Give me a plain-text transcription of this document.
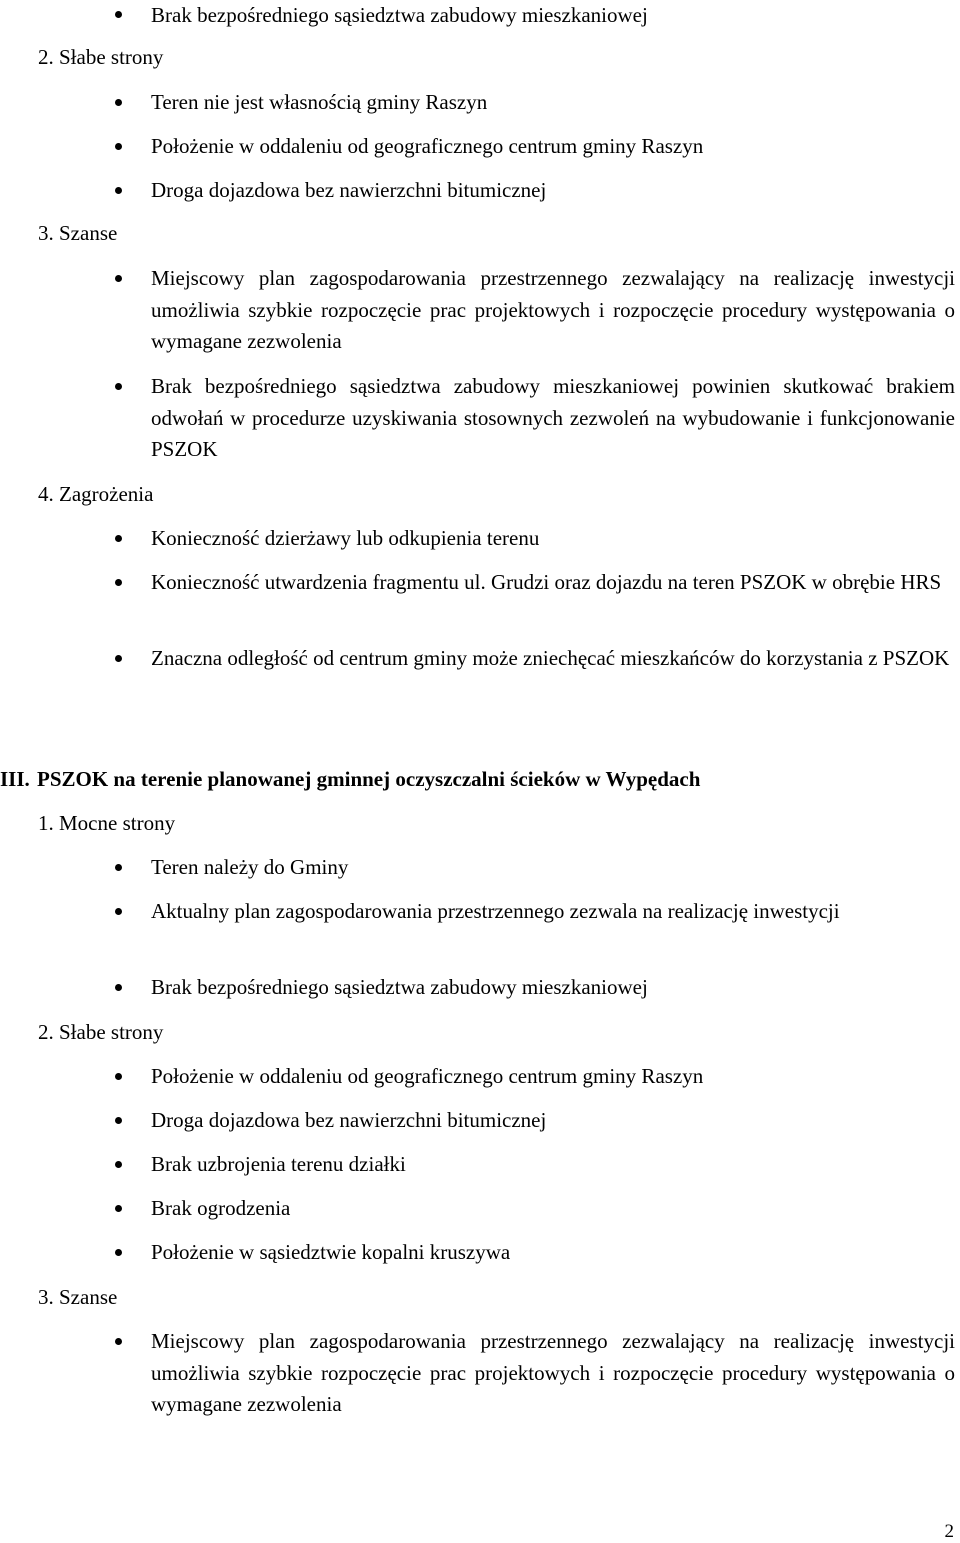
Brak bezpośredniego sąsiedztwa zabudowy mieszkaniowej
2. Słabe strony
Teren nie jest własnością gminy Raszyn
Położenie w oddaleniu od geograficznego centrum gminy Raszyn
Droga dojazdowa bez nawierzchni bitumicznej
3. Szanse
Miejscowy plan zagospodarowania przestrzennego zezwalający na realizację inwestycji umożliwia szybkie rozpoczęcie prac projektowych i rozpoczęcie procedury występowania o wymagane zezwolenia
Brak bezpośredniego sąsiedztwa zabudowy mieszkaniowej powinien skutkować brakiem odwołań w procedurze uzyskiwania stosownych zezwoleń na wybudowanie i funkcjonowanie PSZOK
4. Zagrożenia
Konieczność dzierżawy lub odkupienia terenu
Konieczność utwardzenia fragmentu ul. Grudzi oraz dojazdu na teren PSZOK w obrębie HRS
Znaczna odległość od centrum gminy może zniechęcać mieszkańców do korzystania z PSZOK
III. PSZOK na terenie planowanej gminnej oczyszczalni ścieków w Wypędach
1. Mocne strony
Teren należy do Gminy
Aktualny plan zagospodarowania przestrzennego zezwala na realizację inwestycji
Brak bezpośredniego sąsiedztwa zabudowy mieszkaniowej
2. Słabe strony
Położenie w oddaleniu od geograficznego centrum gminy Raszyn
Droga dojazdowa bez nawierzchni bitumicznej
Brak uzbrojenia terenu działki
Brak ogrodzenia
Położenie w sąsiedztwie kopalni kruszywa
3. Szanse
Miejscowy plan zagospodarowania przestrzennego zezwalający na realizację inwestycji umożliwia szybkie rozpoczęcie prac projektowych i rozpoczęcie procedury występowania o wymagane zezwolenia
2
